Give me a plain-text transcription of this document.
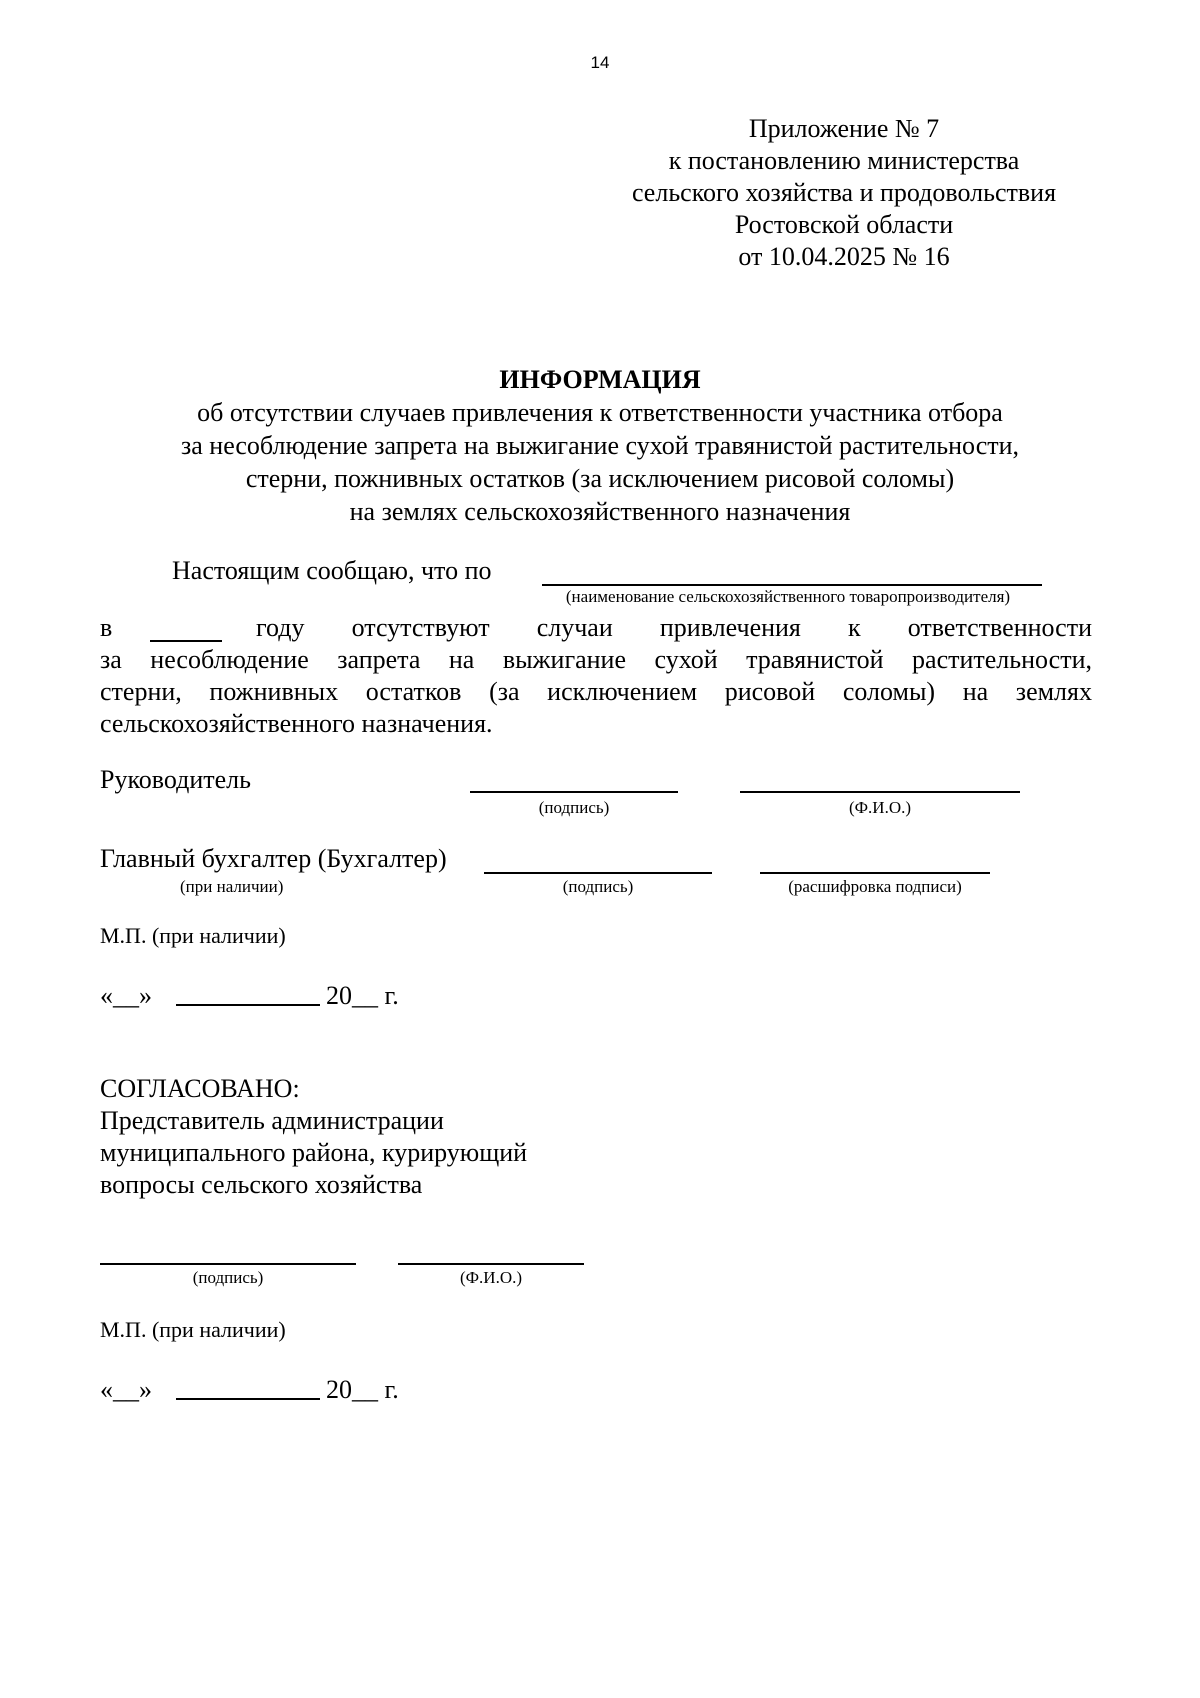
14
Приложение № 7
к постановлению министерства
сельского хозяйства и продовольствия
Ростовской области
от 10.04.2025 № 16
ИНФОРМАЦИЯ
об отсутствии случаев привлечения к ответственности участника отбора
за несоблюдение запрета на выжигание сухой травянистой растительности,
стерни, пожнивных остатков (за исключением рисовой соломы)
на землях сельскохозяйственного назначения
Настоящим сообщаю, что по
(наименование сельскохозяйственного товаропроизводителя)
в	году отсутствуют случаи привлечения к ответственности
за несоблюдение запрета на выжигание сухой травянистой растительности,
стерни, пожнивных остатков (за исключением рисовой соломы) на землях
сельскохозяйственного назначения.
Руководитель
(подпись)	(Ф.И.О.)
Главный бухгалтер (Бухгалтер)
(при наличии)	(подпись)	(расшифровка подписи)
М.П. (при наличии)
«__»	20__ г.
СОГЛАСОВАНО:
Представитель администрации
муниципального района, курирующий
вопросы сельского хозяйства
(подпись)	(Ф.И.О.)
М.П. (при наличии)
«__»	20__ г.
